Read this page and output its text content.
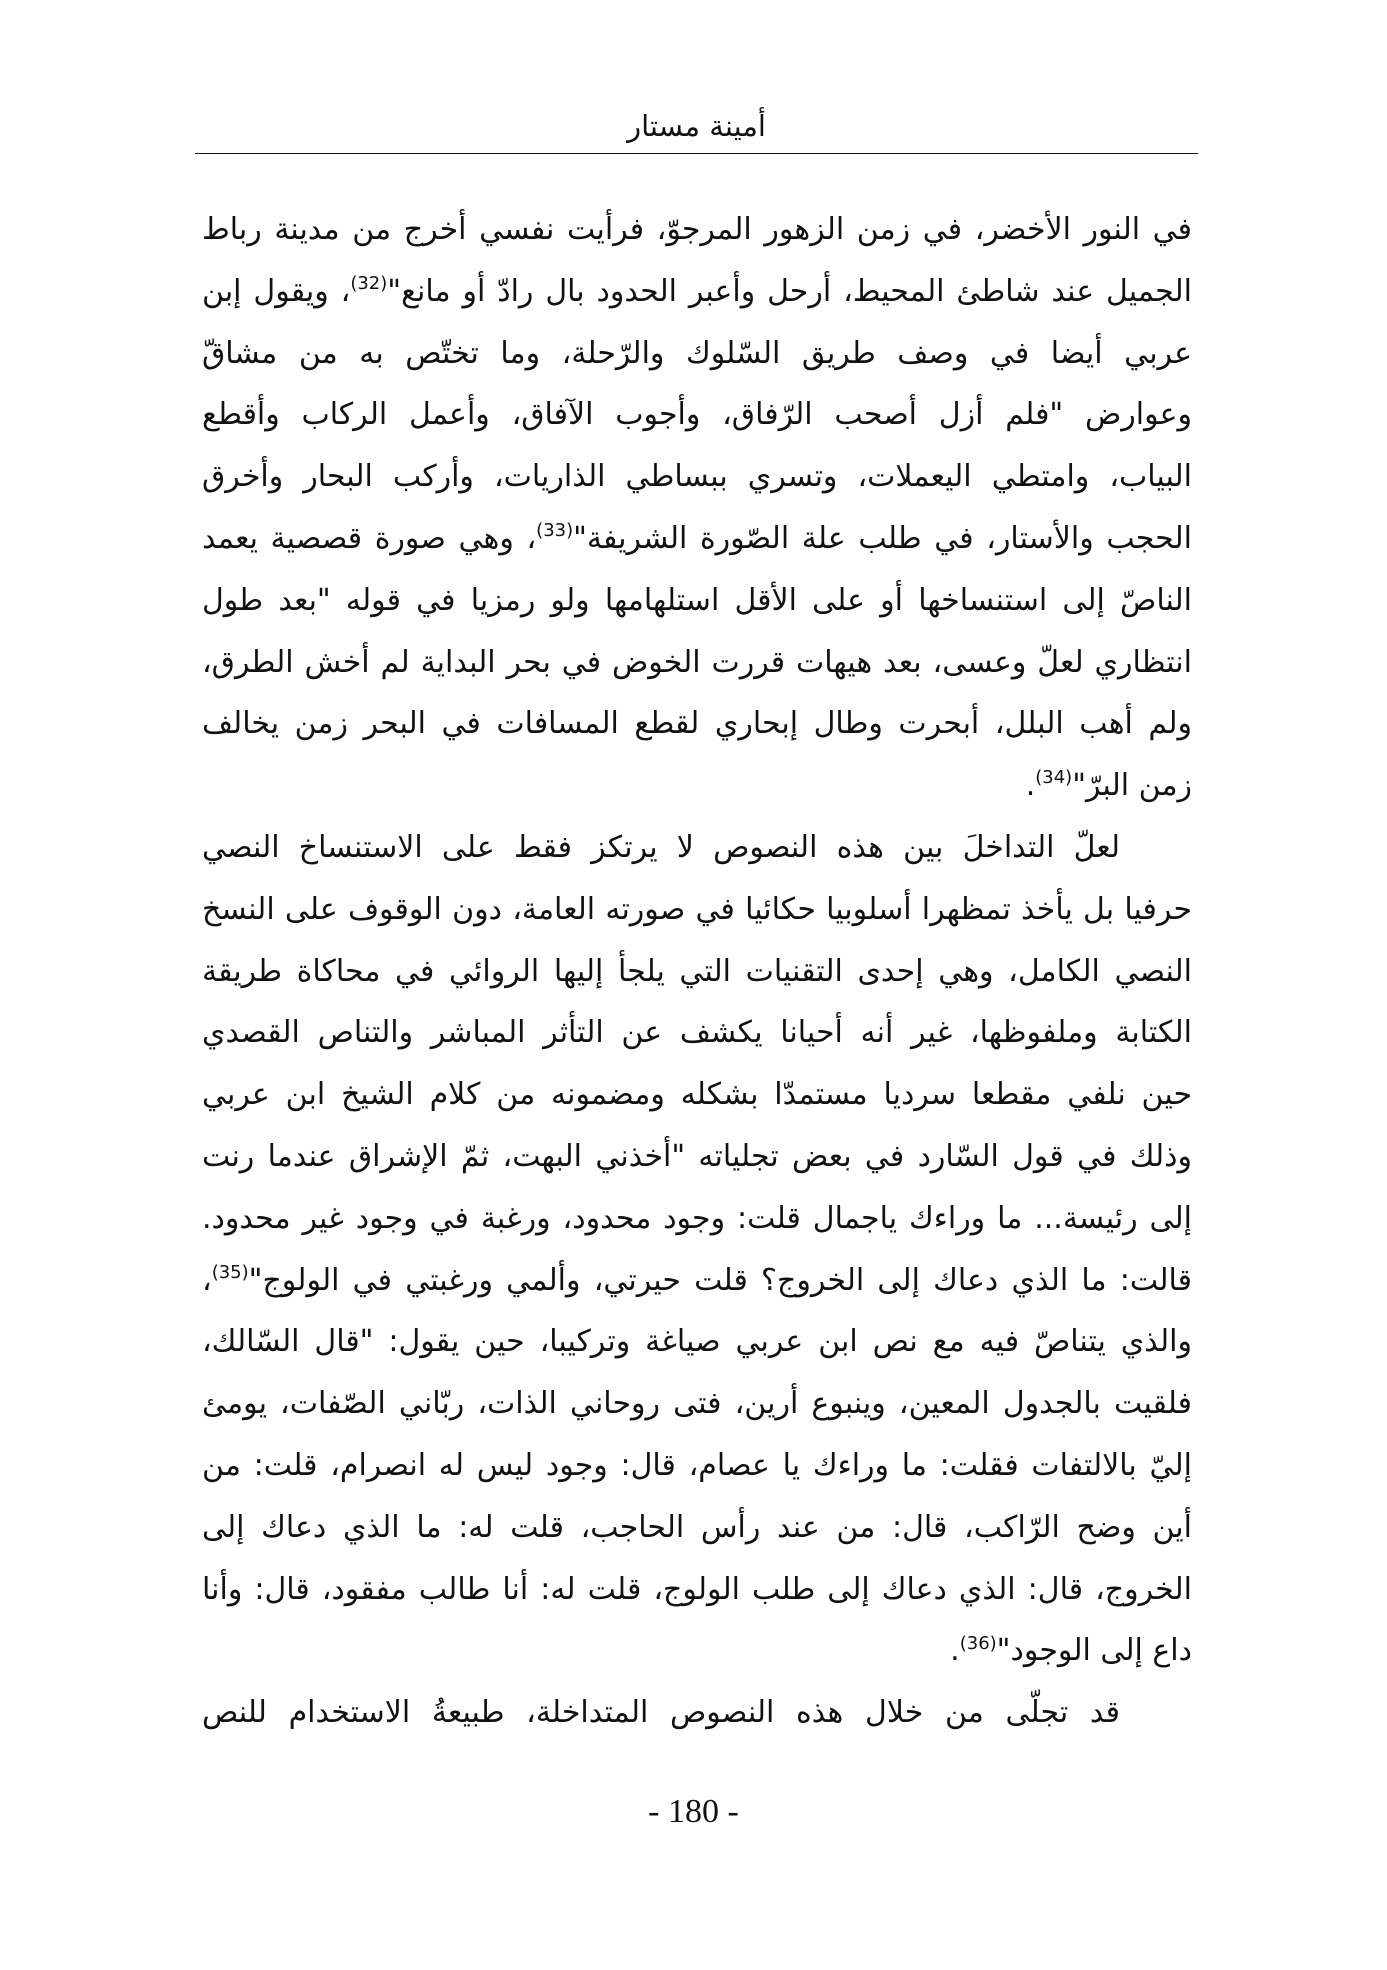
أمينة مستار
في النور الأخضر، في زمن الزهور المرجوّ، فرأيت نفسي أخرج من مدينة رباط
الجميل عند شاطئ المحيط، أرحل وأعبر الحدود بال رادّ أو مانع"$^{(32)}$، ويقول إبن
عربي أيضا في وصف طريق السّلوك والرّحلة، وما تختّص به من مشاقّ
وعوارض "فلم أزل أصحب الرّفاق، وأجوب الآفاق، وأعمل الركاب وأقطع
البياب، وامتطي اليعملات، وتسري ببساطي الذاريات، وأركب البحار وأخرق
الحجب والأستار، في طلب علة الصّورة الشريفة"$^{(33)}$، وهي صورة قصصية يعمد
الناصّ إلى استنساخها أو على الأقل استلهامها ولو رمزيا في قوله "بعد طول
انتظاري لعلّ وعسى، بعد هيهات قررت الخوض في بحر البداية لم أخش الطرق،
ولم أهب البلل، أبحرت وطال إبحاري لقطع المسافات في البحر زمن يخالف
زمن البرّ"$^{(34)}$.
لعلّ التداخلَ بين هذه النصوص لا يرتكز فقط على الاستنساخ النصي
حرفيا بل يأخذ تمظهرا أسلوبيا حكائيا في صورته العامة، دون الوقوف على النسخ
النصي الكامل، وهي إحدى التقنيات التي يلجأ إليها الروائي في محاكاة طريقة
الكتابة وملفوظها، غير أنه أحيانا يكشف عن التأثر المباشر والتناص القصدي
حين نلفي مقطعا سرديا مستمدّا بشكله ومضمونه من كلام الشيخ ابن عربي
وذلك في قول السّارد في بعض تجلياته "أخذني البهت، ثمّ الإشراق عندما رنت
إلى رئيسة... ما وراءك ياجمال قلت: وجود محدود، ورغبة في وجود غير محدود.
قالت: ما الذي دعاك إلى الخروج؟ قلت حيرتي، وألمي ورغبتي في الولوج"$^{(35)}$،
والذي يتناصّ فيه مع نص ابن عربي صياغة وتركيبا، حين يقول: "قال السّالك،
فلقيت بالجدول المعين، وينبوع أرين، فتى روحاني الذات، ربّاني الصّفات، يومئ
إليّ بالالتفات فقلت: ما وراءك يا عصام، قال: وجود ليس له انصرام، قلت: من
أين وضح الرّاكب، قال: من عند رأس الحاجب، قلت له: ما الذي دعاك إلى
الخروج، قال: الذي دعاك إلى طلب الولوج، قلت له: أنا طالب مفقود، قال: وأنا
داع إلى الوجود"$^{(36)}$.
قد تجلّى من خلال هذه النصوص المتداخلة، طبيعةُ الاستخدام للنص
- 180 -
